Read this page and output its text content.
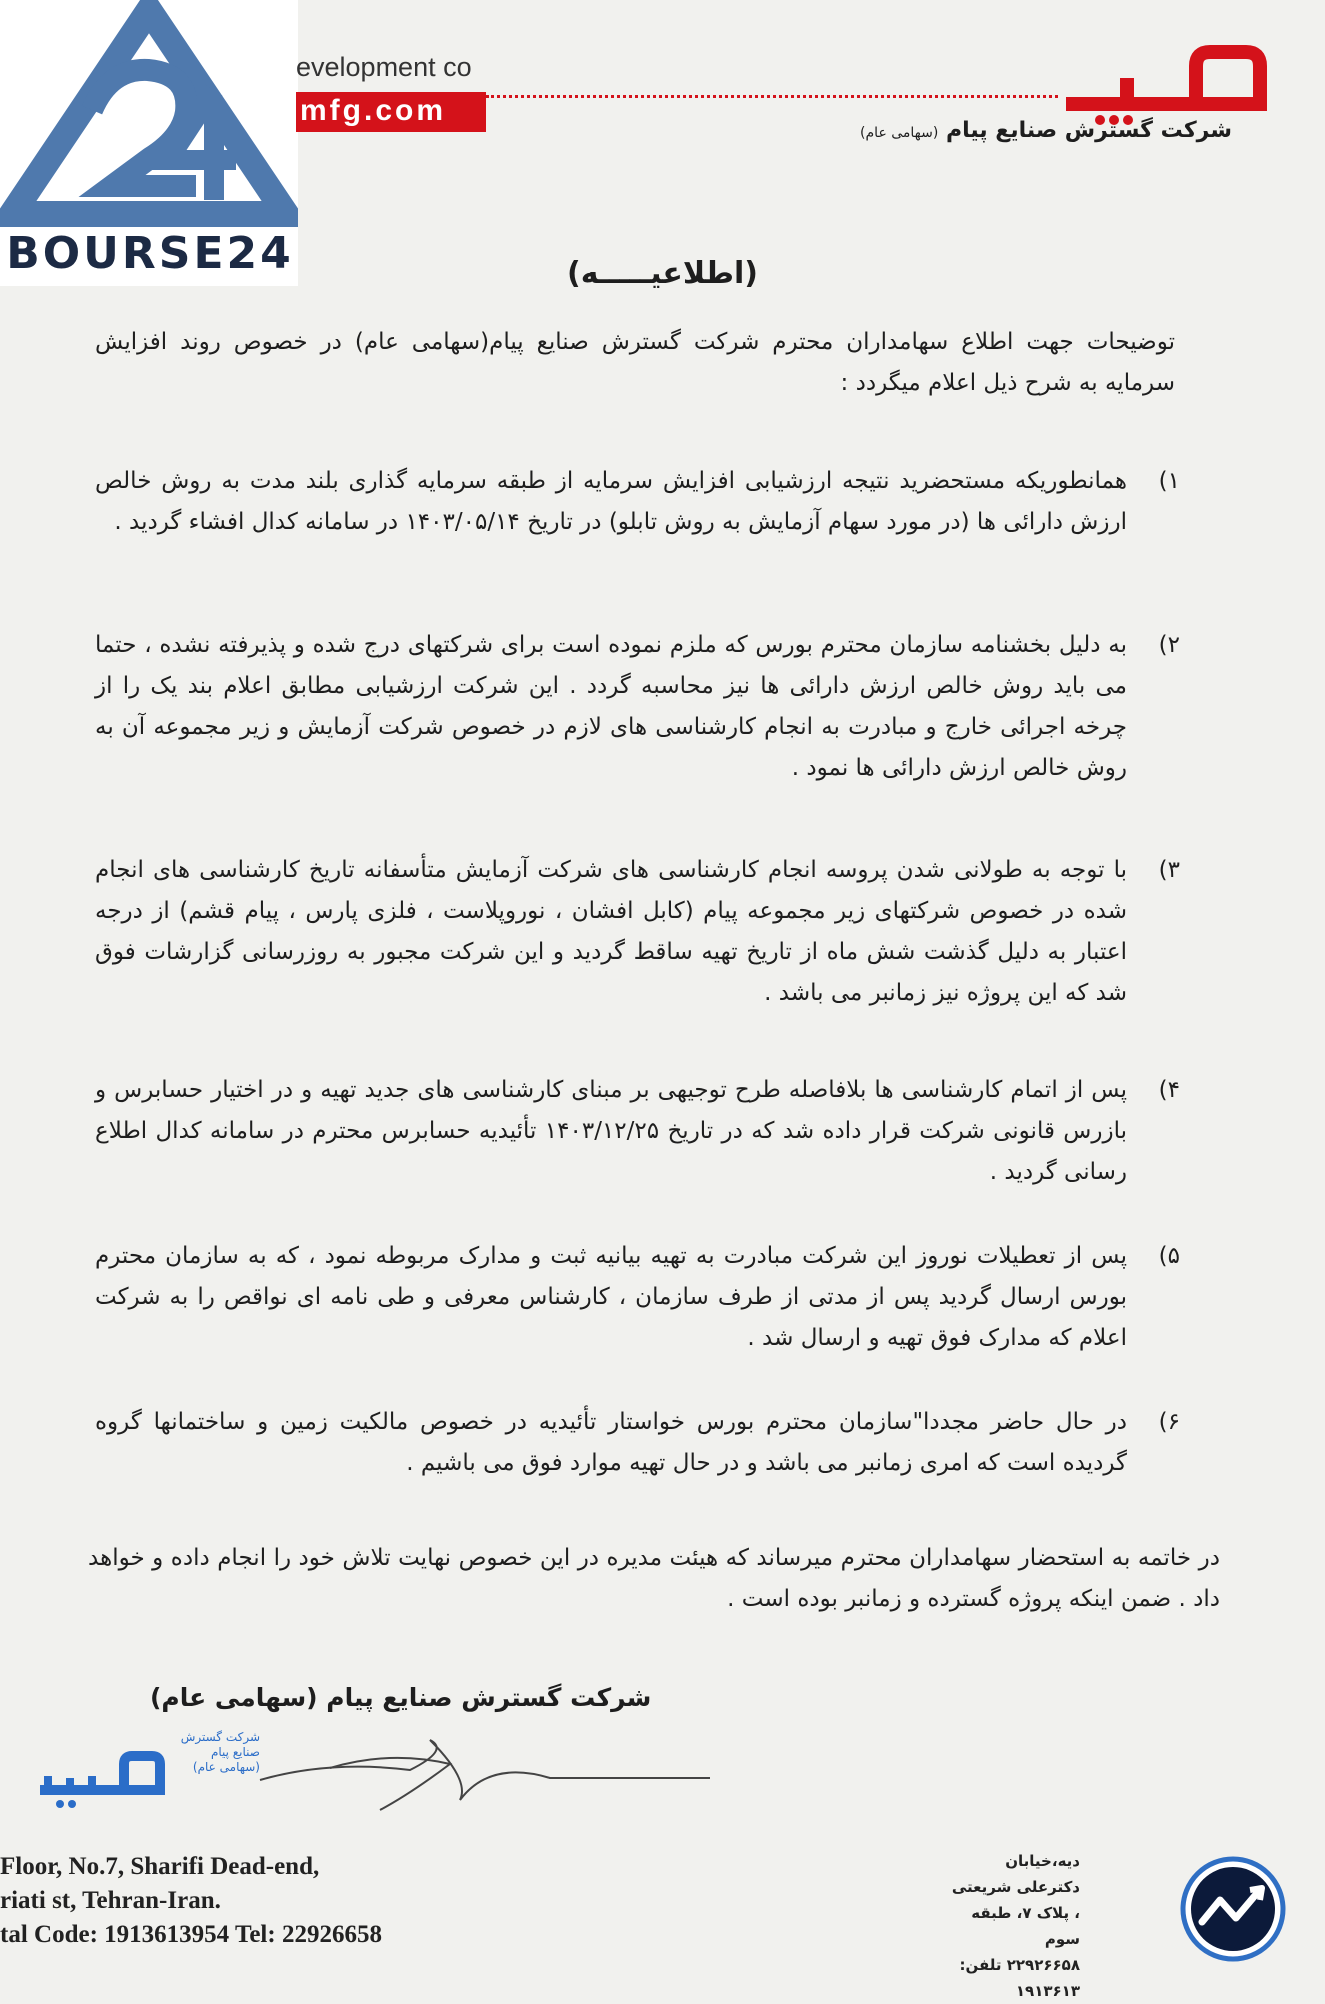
BOURSE24
evelopment co
mfg.com
شرکت گسترش صنایع پیام (سهامی عام)
(اطلاعیـــــه)
توضیحات جهت اطلاع سهامداران محترم شرکت گسترش صنایع پیام(سهامی عام) در خصوص روند افزایش سرمایه به شرح ذیل اعلام میگردد :
۱)
همانطوریکه مستحضرید نتیجه ارزشیابی افزایش سرمایه از طبقه سرمایه گذاری بلند مدت به روش خالص ارزش دارائی ها (در مورد سهام آزمایش به روش تابلو) در تاریخ ۱۴۰۳/۰۵/۱۴ در سامانه کدال افشاء گردید .
۲)
به دلیل بخشنامه سازمان محترم بورس که ملزم نموده است برای شرکتهای درج شده و پذیرفته نشده ، حتما می باید روش خالص ارزش دارائی ها نیز محاسبه گردد . این شرکت ارزشیابی مطابق اعلام بند یک را از چرخه اجرائی خارج و مبادرت به انجام کارشناسی های لازم در خصوص شرکت آزمایش و زیر مجموعه آن به روش خالص ارزش دارائی ها نمود .
۳)
با توجه به طولانی شدن پروسه انجام کارشناسی های شرکت آزمایش متأسفانه تاریخ کارشناسی های انجام شده در خصوص شرکتهای زیر مجموعه پیام (کابل افشان ، نوروپلاست ، فلزی پارس ، پیام قشم) از درجه اعتبار به دلیل گذشت شش ماه از تاریخ تهیه ساقط گردید و این شرکت مجبور به روزرسانی گزارشات فوق شد که این پروژه نیز زمانبر می باشد .
۴)
پس از اتمام کارشناسی ها بلافاصله طرح توجیهی بر مبنای کارشناسی های جدید تهیه و در اختیار حسابرس و بازرس قانونی شرکت قرار داده شد که در تاریخ ۱۴۰۳/۱۲/۲۵ تأئیدیه حسابرس محترم در سامانه کدال اطلاع رسانی گردید .
۵)
پس از تعطیلات نوروز این شرکت مبادرت به تهیه بیانیه ثبت و مدارک مربوطه نمود ، که به سازمان محترم بورس ارسال گردید پس از مدتی از طرف سازمان ، کارشناس معرفی و طی نامه ای نواقص را به شرکت اعلام که مدارک فوق تهیه و ارسال شد .
۶)
در حال حاضر مجددا"سازمان محترم بورس خواستار تأئیدیه در خصوص مالکیت زمین و ساختمانها گروه گردیده است که امری زمانبر می باشد و در حال تهیه موارد فوق می باشیم .
در خاتمه به استحضار سهامداران محترم میرساند که هیئت مدیره در این خصوص نهایت تلاش خود را انجام داده و خواهد داد . ضمن اینکه پروژه گسترده و زمانبر بوده است .
شرکت گسترش صنایع پیام (سهامی عام)
شرکت گسترش صنایع پیام
(سهامی عام)
Floor, No.7, Sharifi Dead-end,
riati st, Tehran-Iran.
tal Code: 1913613954 Tel: 22926658
دیه،خیابان دکترعلی شریعتی
، پلاک ۷، طبقه سوم
۲۲۹۲۶۶۵۸ تلفن: ۱۹۱۳۶۱۳
